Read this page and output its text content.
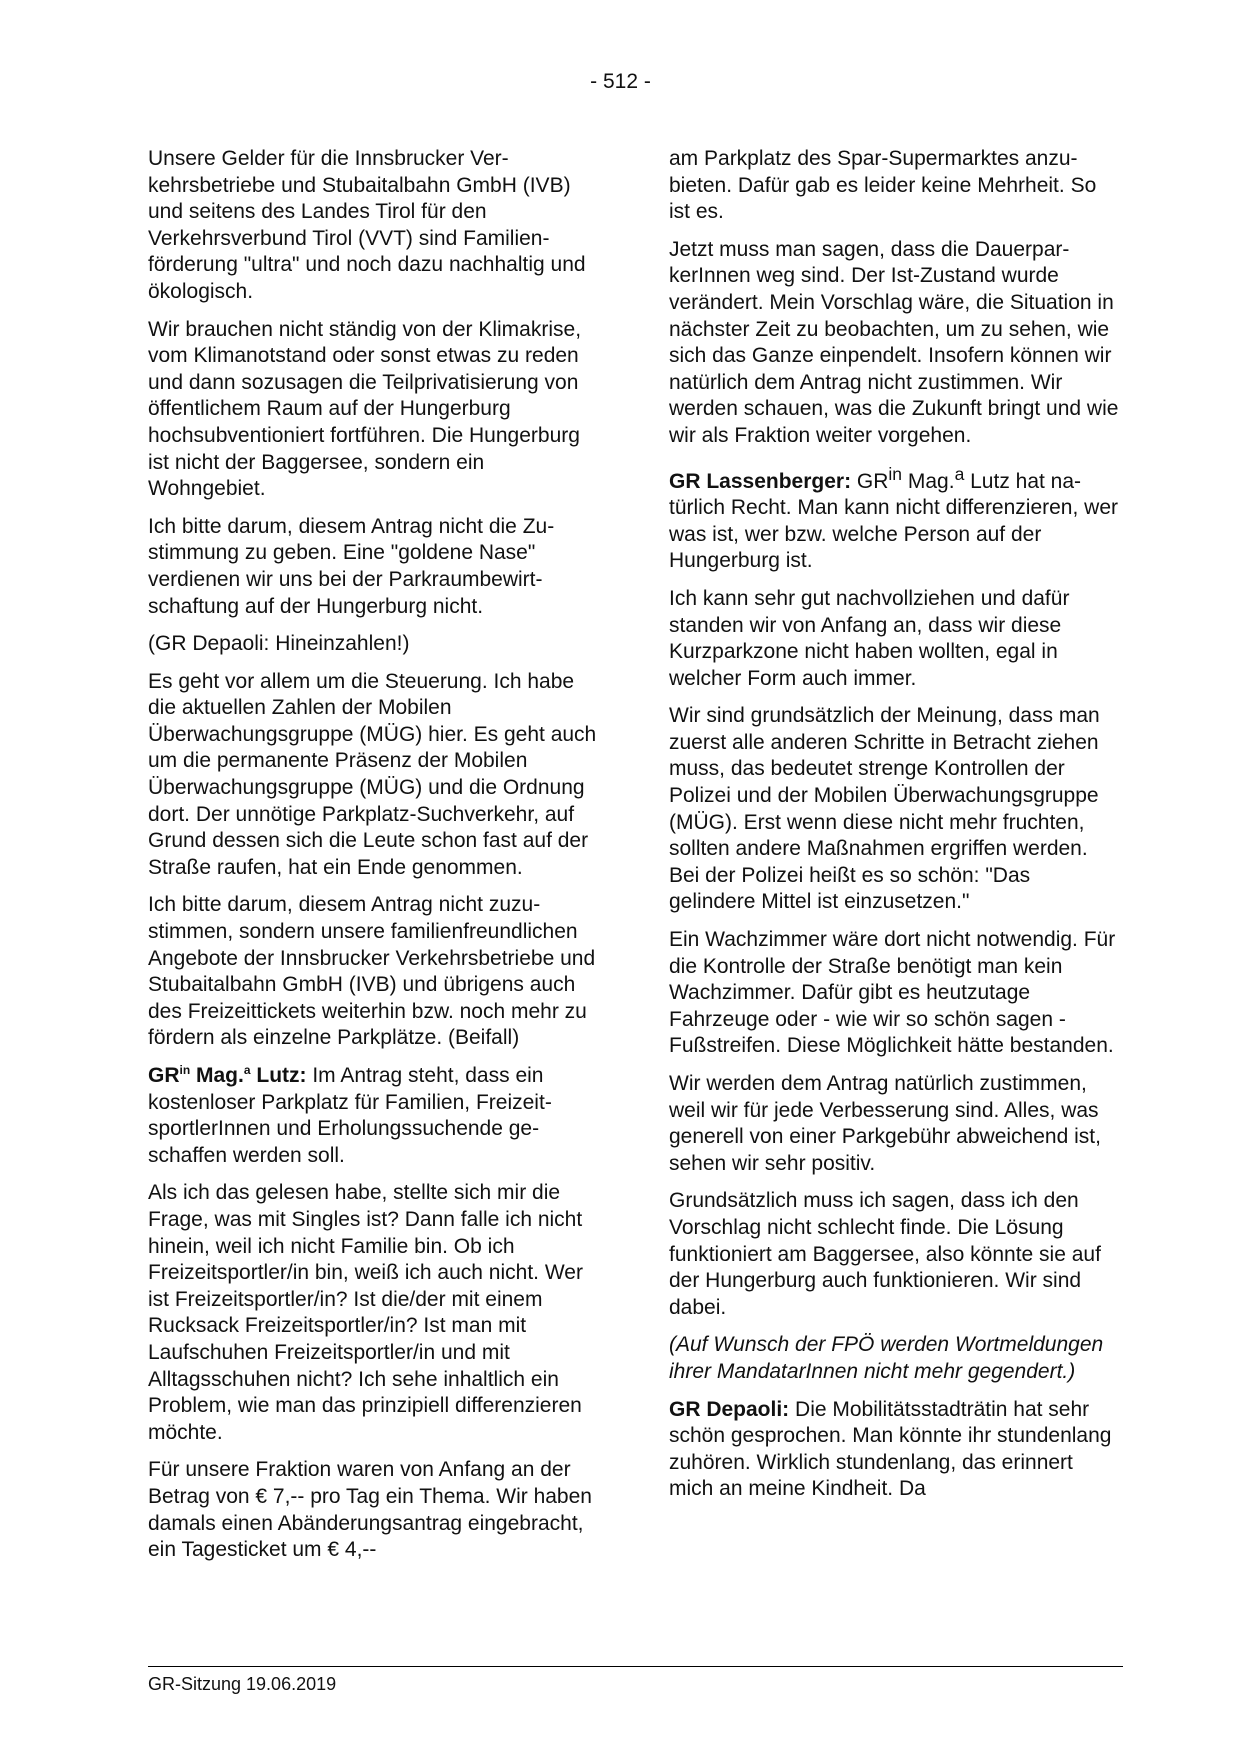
- 512 -

Unsere Gelder für die Innsbrucker Verkehrsbetriebe und Stubaitalbahn GmbH (IVB) und seitens des Landes Tirol für den Verkehrsverbund Tirol (VVT) sind Familienförderung "ultra" und noch dazu nachhaltig und ökologisch.

Wir brauchen nicht ständig von der Klimakrise, vom Klimanotstand oder sonst etwas zu reden und dann sozusagen die Teilprivatisierung von öffentlichem Raum auf der Hungerburg hochsubventioniert fortführen. Die Hungerburg ist nicht der Baggersee, sondern ein Wohngebiet.

Ich bitte darum, diesem Antrag nicht die Zustimmung zu geben. Eine "goldene Nase" verdienen wir uns bei der Parkraumbewirtschaftung auf der Hungerburg nicht.

(GR Depaoli: Hineinzahlen!)

Es geht vor allem um die Steuerung. Ich habe die aktuellen Zahlen der Mobilen Überwachungsgruppe (MÜG) hier. Es geht auch um die permanente Präsenz der Mobilen Überwachungsgruppe (MÜG) und die Ordnung dort. Der unnötige Parkplatz-Suchverkehr, auf Grund dessen sich die Leute schon fast auf der Straße raufen, hat ein Ende genommen.

Ich bitte darum, diesem Antrag nicht zuzustimmen, sondern unsere familienfreundlichen Angebote der Innsbrucker Verkehrsbetriebe und Stubaitalbahn GmbH (IVB) und übrigens auch des Freizeittickets weiterhin bzw. noch mehr zu fördern als einzelne Parkplätze. (Beifall)

$GR^{in}$ Mag.$^a$ Lutz: Im Antrag steht, dass ein kostenloser Parkplatz für Familien, FreizeitsportlerInnen und Erholungssuchende geschaffen werden soll.

Als ich das gelesen habe, stellte sich mir die Frage, was mit Singles ist? Dann falle ich nicht hinein, weil ich nicht Familie bin. Ob ich Freizeitsportler/in bin, weiß ich auch nicht. Wer ist Freizeitsportler/in? Ist die/der mit einem Rucksack Freizeitsportler/in? Ist man mit Laufschuhen Freizeitsportler/in und mit Alltagsschuhen nicht? Ich sehe inhaltlich ein Problem, wie man das prinzipiell differenzieren möchte.

Für unsere Fraktion waren von Anfang an der Betrag von € 7,-- pro Tag ein Thema. Wir haben damals einen Abänderungsantrag eingebracht, ein Tagesticket um € 4,--

am Parkplatz des Spar-Supermarktes anzubieten. Dafür gab es leider keine Mehrheit. So ist es.

Jetzt muss man sagen, dass die DauerparkerInnen weg sind. Der Ist-Zustand wurde verändert. Mein Vorschlag wäre, die Situation in nächster Zeit zu beobachten, um zu sehen, wie sich das Ganze einpendelt. Insofern können wir natürlich dem Antrag nicht zustimmen. Wir werden schauen, was die Zukunft bringt und wie wir als Fraktion weiter vorgehen.

GR Lassenberger: $GR^{in}$ Mag.$^a$ Lutz hat natürlich Recht. Man kann nicht differenzieren, wer was ist, wer bzw. welche Person auf der Hungerburg ist.

Ich kann sehr gut nachvollziehen und dafür standen wir von Anfang an, dass wir diese Kurzparkzone nicht haben wollten, egal in welcher Form auch immer.

Wir sind grundsätzlich der Meinung, dass man zuerst alle anderen Schritte in Betracht ziehen muss, das bedeutet strenge Kontrollen der Polizei und der Mobilen Überwachungsgruppe (MÜG). Erst wenn diese nicht mehr fruchten, sollten andere Maßnahmen ergriffen werden. Bei der Polizei heißt es so schön: "Das gelindere Mittel ist einzusetzen."

Ein Wachzimmer wäre dort nicht notwendig. Für die Kontrolle der Straße benötigt man kein Wachzimmer. Dafür gibt es heutzutage Fahrzeuge oder - wie wir so schön sagen - Fußstreifen. Diese Möglichkeit hätte bestanden.

Wir werden dem Antrag natürlich zustimmen, weil wir für jede Verbesserung sind. Alles, was generell von einer Parkgebühr abweichend ist, sehen wir sehr positiv.

Grundsätzlich muss ich sagen, dass ich den Vorschlag nicht schlecht finde. Die Lösung funktioniert am Baggersee, also könnte sie auf der Hungerburg auch funktionieren. Wir sind dabei.

(Auf Wunsch der FPÖ werden Wortmeldungen ihrer MandatarInnen nicht mehr gegendert.)

GR Depaoli: Die Mobilitätsstadträtin hat sehr schön gesprochen. Man könnte ihr stundenlang zuhören. Wirklich stundenlang, das erinnert mich an meine Kindheit. Da

GR-Sitzung 19.06.2019
